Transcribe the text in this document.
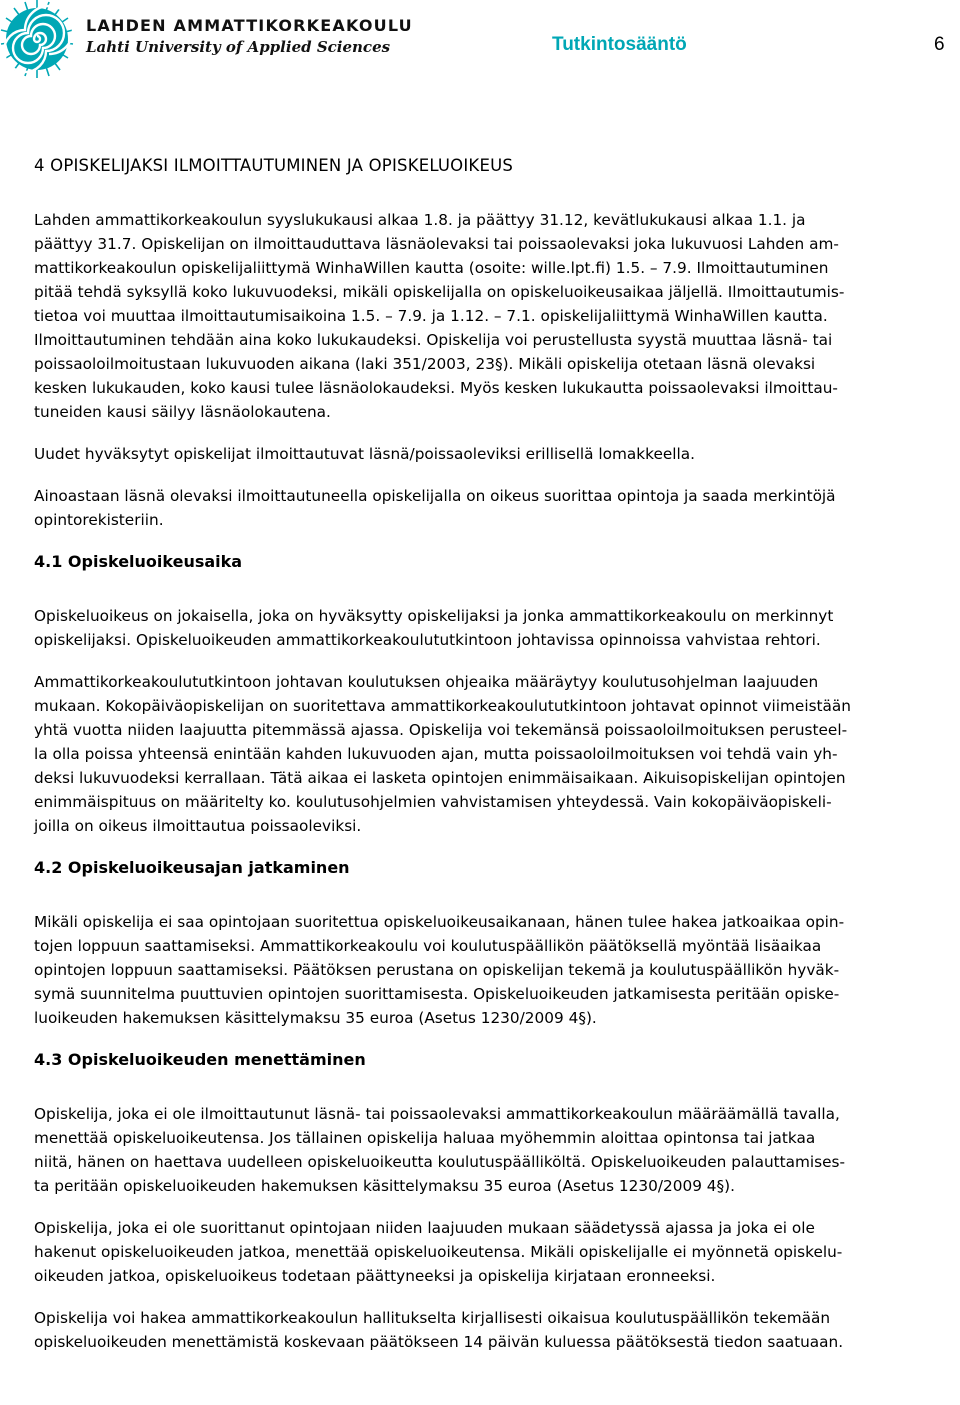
LAHDEN AMMATTIKORKEAKOULU
Lahti University of Applied Sciences	Tutkintosääntö	6
4 OPISKELIJAKSI ILMOITTAUTUMINEN JA OPISKELUOIKEUS

Lahden ammattikorkeakoulun syyslukukausi alkaa 1.8. ja päättyy 31.12, kevätlukukausi alkaa 1.1. ja
päättyy 31.7. Opiskelijan on ilmoittauduttava läsnäolevaksi tai poissaolevaksi joka lukuvuosi Lahden am-
mattikorkeakoulun opiskelijaliittymä WinhaWillen kautta (osoite: wille.lpt.fi) 1.5. – 7.9. Ilmoittautuminen
pitää tehdä syksyllä koko lukuvuodeksi, mikäli opiskelijalla on opiskeluoikeusaikaa jäljellä. Ilmoittautumis-
tietoa voi muuttaa ilmoittautumisaikoina 1.5. – 7.9. ja 1.12. – 7.1. opiskelijaliittymä WinhaWillen kautta.
Ilmoittautuminen tehdään aina koko lukukaudeksi. Opiskelija voi perustellusta syystä muuttaa läsnä- tai
poissaoloilmoitustaan lukuvuoden aikana (laki 351/2003, 23§). Mikäli opiskelija otetaan läsnä olevaksi
kesken lukukauden, koko kausi tulee läsnäolokaudeksi. Myös kesken lukukautta poissaolevaksi ilmoittau-
tuneiden kausi säilyy läsnäolokautena.

Uudet hyväksytyt opiskelijat ilmoittautuvat läsnä/poissaoleviksi erillisellä lomakkeella.

Ainoastaan läsnä olevaksi ilmoittautuneella opiskelijalla on oikeus suorittaa opintoja ja saada merkintöjä
opintorekisteriin.

4.1 Opiskeluoikeusaika

Opiskeluoikeus on jokaisella, joka on hyväksytty opiskelijaksi ja jonka ammattikorkeakoulu on merkinnyt
opiskelijaksi. Opiskeluoikeuden ammattikorkeakoulututkintoon johtavissa opinnoissa vahvistaa rehtori.

Ammattikorkeakoulututkintoon johtavan koulutuksen ohjeaika määräytyy koulutusohjelman laajuuden
mukaan. Kokopäiväopiskelijan on suoritettava ammattikorkeakoulututkintoon johtavat opinnot viimeistään
yhtä vuotta niiden laajuutta pitemmässä ajassa. Opiskelija voi tekemänsä poissaoloilmoituksen perusteel-
la olla poissa yhteensä enintään kahden lukuvuoden ajan, mutta poissaoloilmoituksen voi tehdä vain yh-
deksi lukuvuodeksi kerrallaan. Tätä aikaa ei lasketa opintojen enimmäisaikaan. Aikuisopiskelijan opintojen
enimmäispituus on määritelty ko. koulutusohjelmien vahvistamisen yhteydessä. Vain kokopäiväopiskeli-
joilla on oikeus ilmoittautua poissaoleviksi.

4.2 Opiskeluoikeusajan jatkaminen

Mikäli opiskelija ei saa opintojaan suoritettua opiskeluoikeusaikanaan, hänen tulee hakea jatkoaikaa opin-
tojen loppuun saattamiseksi. Ammattikorkeakoulu voi koulutuspäällikön päätöksellä myöntää lisäaikaa
opintojen loppuun saattamiseksi. Päätöksen perustana on opiskelijan tekemä ja koulutuspäällikön hyväk-
symä suunnitelma puuttuvien opintojen suorittamisesta. Opiskeluoikeuden jatkamisesta peritään opiske-
luoikeuden hakemuksen käsittelymaksu 35 euroa (Asetus 1230/2009 4§).

4.3 Opiskeluoikeuden menettäminen

Opiskelija, joka ei ole ilmoittautunut läsnä- tai poissaolevaksi ammattikorkeakoulun määräämällä tavalla,
menettää opiskeluoikeutensa. Jos tällainen opiskelija haluaa myöhemmin aloittaa opintonsa tai jatkaa
niitä, hänen on haettava uudelleen opiskeluoikeutta koulutuspäälliköltä. Opiskeluoikeuden palauttamises-
ta peritään opiskeluoikeuden hakemuksen käsittelymaksu 35 euroa (Asetus 1230/2009 4§).

Opiskelija, joka ei ole suorittanut opintojaan niiden laajuuden mukaan säädetyssä ajassa ja joka ei ole
hakenut opiskeluoikeuden jatkoa, menettää opiskeluoikeutensa. Mikäli opiskelijalle ei myönnetä opiskelu-
oikeuden jatkoa, opiskeluoikeus todetaan päättyneeksi ja opiskelija kirjataan eronneeksi.

Opiskelija voi hakea ammattikorkeakoulun hallitukselta kirjallisesti oikaisua koulutuspäällikön tekemään
opiskeluoikeuden menettämistä koskevaan päätökseen 14 päivän kuluessa päätöksestä tiedon saatuaan.
